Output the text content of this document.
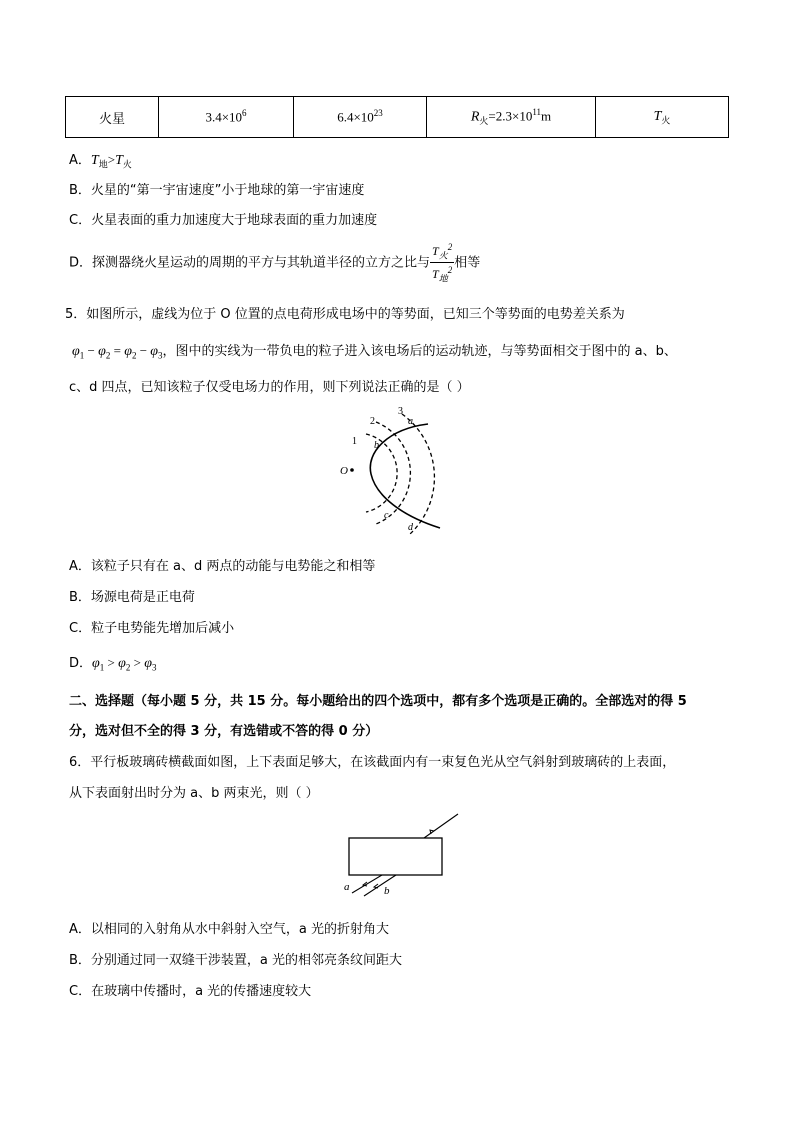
火星	$3.4\times 10^6$	$6.4\times 10^{23}$	$R_火=2.3\times 10^{11}m$	$T_火$
A．$T_地>T_火$
B．火星的“第一宇宙速度”小于地球的第一宇宙速度
C．火星表面的重力加速度大于地球表面的重力加速度
D．探测器绕火星运动的周期的平方与其轨道半径的立方之比与 $\frac{T_火^2}{T_地^2}$ 相等
5．如图所示，虚线为位于 O 位置的点电荷形成电场中的等势面，已知三个等势面的电势差关系为
$\varphi_1 - \varphi_2 = \varphi_2 - \varphi_3$，图中的实线为一带负电的粒子进入该电场后的运动轨迹，与等势面相交于图中的 a、b、
c、d 四点，已知该粒子仅受电场力的作用，则下列说法正确的是（ ）
O
1
2
3
a
b
c
d
A．该粒子只有在 a、d 两点的动能与电势能之和相等
B．场源电荷是正电荷
C．粒子电势能先增加后减小
D．$\varphi_1 > \varphi_2 > \varphi_3$
二、选择题（每小题 5 分，共 15 分。每小题给出的四个选项中，都有多个选项是正确的。全部选对的得 5
分，选对但不全的得 3 分，有选错或不答的得 0 分）
6．平行板玻璃砖横截面如图，上下表面足够大，在该截面内有一束复色光从空气斜射到玻璃砖的上表面，
从下表面射出时分为 a、b 两束光，则（ ）
a	b
A．以相同的入射角从水中斜射入空气，a 光的折射角大
B．分别通过同一双缝干涉装置，a 光的相邻亮条纹间距大
C．在玻璃中传播时，a 光的传播速度较大
